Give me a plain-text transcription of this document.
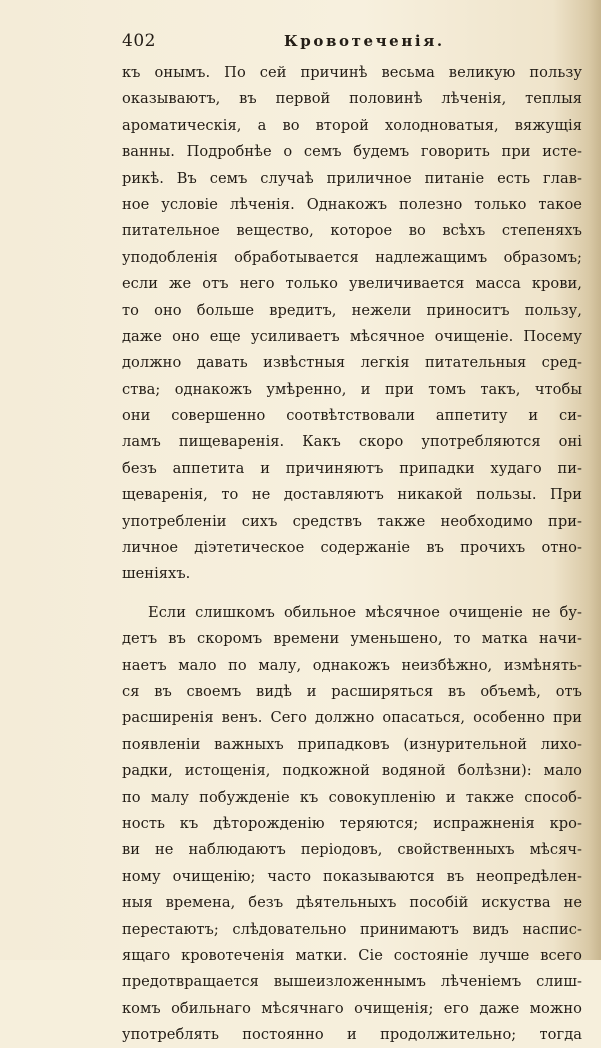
402	Кровотеченія.
къ онымъ. По сей причинѣ весьма великую пользу
оказываютъ, въ первой половинѣ лѣченія, теплыя
ароматическія, а во второй холодноватыя, вяжущія
ванны. Подробнѣе о семъ будемъ говорить при исте-
рикѣ. Въ семъ случаѣ приличное питаніе есть глав-
ное условіе лѣченія. Однакожъ полезно только такое
питательное вещество, которое во всѣхъ степеняхъ
уподобленія обработывается надлежащимъ образомъ;
если же отъ него только увеличивается масса крови,
то оно больше вредитъ, нежели приноситъ пользу,
даже оно еще усиливаетъ мѣсячное очищеніе. Посему
должно давать извѣстныя легкія питательныя сред-
ства; однакожъ умѣренно, и при томъ такъ, чтобы
они совершенно соотвѣтствовали аппетиту и си-
ламъ пищеваренія. Какъ скоро употребляются оні
безъ аппетита и причиняютъ припадки худаго пи-
щеваренія, то не доставляютъ никакой пользы. При
употребленіи сихъ средствъ также необходимо при-
личное діэтетическое содержаніе въ прочихъ отно-
шеніяхъ.
Если слишкомъ обильное мѣсячное очищеніе не бу-
детъ въ скоромъ времени уменьшено, то матка начи-
наетъ мало по малу, однакожъ неизбѣжно, измѣнять-
ся въ своемъ видѣ и расширяться въ объемѣ, отъ
расширенія венъ. Сего должно опасаться, особенно при
появленіи важныхъ припадковъ (изнурительной лихо-
радки, истощенія, подкожной водяной болѣзни): мало
по малу побужденіе къ совокупленію и также способ-
ность къ дѣторожденію теряются; испражненія кро-
ви не наблюдаютъ періодовъ, свойственныхъ мѣсяч-
ному очищенію; часто показываются въ неопредѣлен-
ныя времена, безъ дѣятельныхъ пособій искуства не
перестаютъ; слѣдовательно принимаютъ видъ наспис-
ящаго кровотеченія матки. Сіе состояніе лучше всего
предотвращается вышеизложеннымъ лѣченіемъ слиш-
комъ обильнаго мѣсячнаго очищенія; его даже можно
употреблять постоянно и продолжительно; тогда
